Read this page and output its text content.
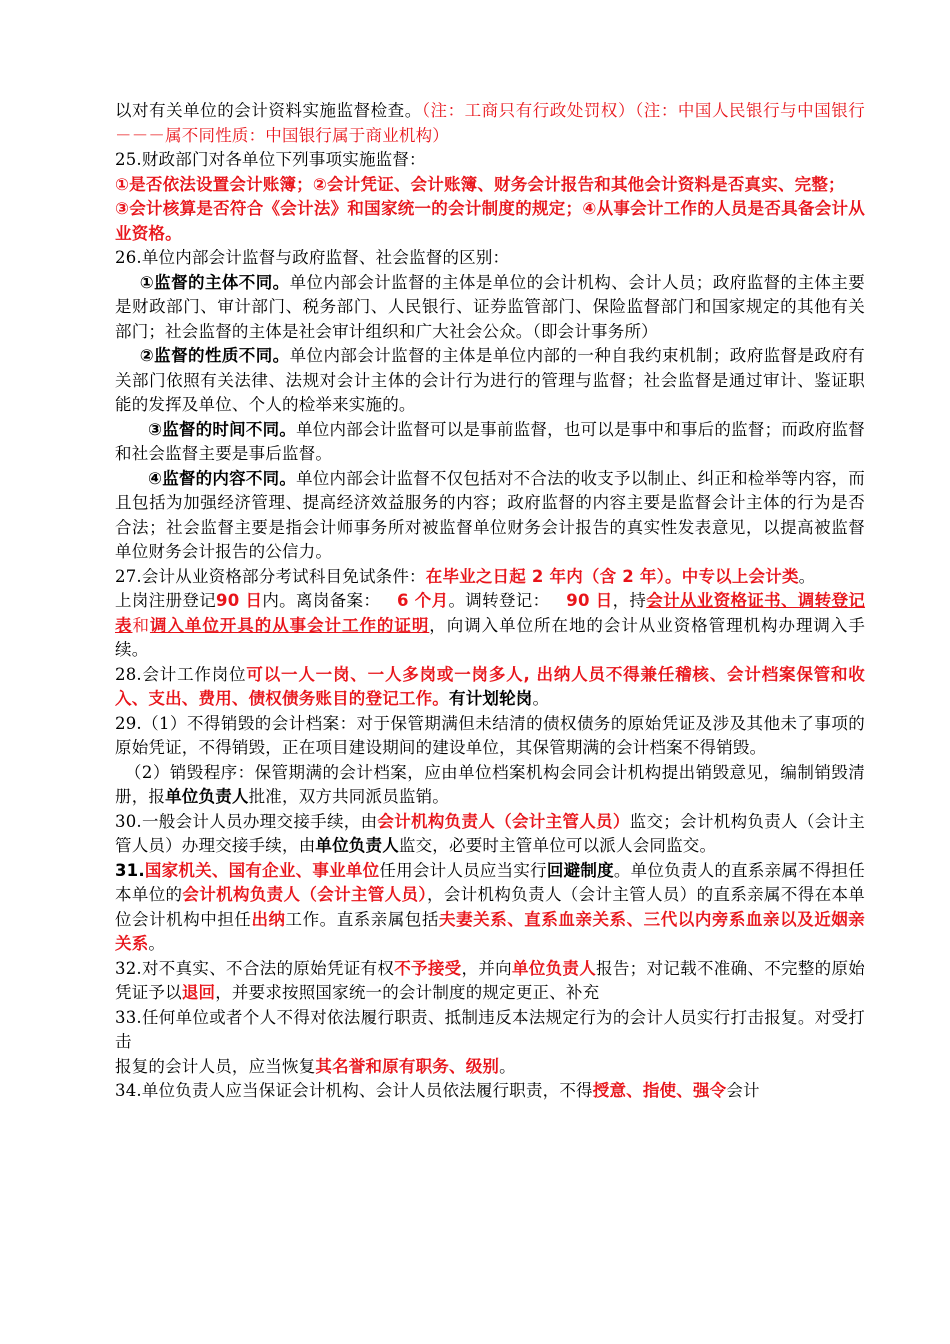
以对有关单位的会计资料实施监督检查。（注：工商只有行政处罚权）（注：中国人民银行与中国银行－－－属不同性质：中国银行属于商业机构）

25.财政部门对各单位下列事项实施监督：

①是否依法设置会计账簿；②会计凭证、会计账簿、财务会计报告和其他会计资料是否真实、完整；

③会计核算是否符合《会计法》和国家统一的会计制度的规定；④从事会计工作的人员是否具备会计从业资格。

26.单位内部会计监督与政府监督、社会监督的区别：

①监督的主体不同。单位内部会计监督的主体是单位的会计机构、会计人员；政府监督的主体主要是财政部门、审计部门、税务部门、人民银行、证券监管部门、保险监督部门和国家规定的其他有关部门；社会监督的主体是社会审计组织和广大社会公众。（即会计事务所）

②监督的性质不同。单位内部会计监督的主体是单位内部的一种自我约束机制；政府监督是政府有关部门依照有关法律、法规对会计主体的会计行为进行的管理与监督；社会监督是通过审计、鉴证职能的发挥及单位、个人的检举来实施的。

③监督的时间不同。单位内部会计监督可以是事前监督，也可以是事中和事后的监督；而政府监督和社会监督主要是事后监督。

④监督的内容不同。单位内部会计监督不仅包括对不合法的收支予以制止、纠正和检举等内容，而且包括为加强经济管理、提高经济效益服务的内容；政府监督的内容主要是监督会计主体的行为是否合法；社会监督主要是指会计师事务所对被监督单位财务会计报告的真实性发表意见，以提高被监督单位财务会计报告的公信力。

27.会计从业资格部分考试科目免试条件：在毕业之日起 2 年内（含 2 年）。中专以上会计类。

上岗注册登记90 日内。离岗备案： 6 个月。调转登记： 90 日，持会计从业资格证书、调转登记表和调入单位开具的从事会计工作的证明，向调入单位所在地的会计从业资格管理机构办理调入手续。

28.会计工作岗位可以一人一岗、一人多岗或一岗多人, 出纳人员不得兼任稽核、会计档案保管和收入、支出、费用、债权债务账目的登记工作。有计划轮岗。

29.（1）不得销毁的会计档案：对于保管期满但未结清的债权债务的原始凭证及涉及其他未了事项的原始凭证，不得销毁，正在项目建设期间的建设单位，其保管期满的会计档案不得销毁。

（2）销毁程序：保管期满的会计档案，应由单位档案机构会同会计机构提出销毁意见，编制销毁清册，报单位负责人批准，双方共同派员监销。

30.一般会计人员办理交接手续，由会计机构负责人（会计主管人员）监交；会计机构负责人（会计主管人员）办理交接手续，由单位负责人监交，必要时主管单位可以派人会同监交。

31.国家机关、国有企业、事业单位任用会计人员应当实行回避制度。单位负责人的直系亲属不得担任本单位的会计机构负责人（会计主管人员），会计机构负责人（会计主管人员）的直系亲属不得在本单位会计机构中担任出纳工作。直系亲属包括夫妻关系、直系血亲关系、三代以内旁系血亲以及近姻亲关系。

32.对不真实、不合法的原始凭证有权不予接受，并向单位负责人报告；对记载不准确、不完整的原始凭证予以退回，并要求按照国家统一的会计制度的规定更正、补充

33.任何单位或者个人不得对依法履行职责、抵制违反本法规定行为的会计人员实行打击报复。对受打击

报复的会计人员，应当恢复其名誉和原有职务、级别。

34.单位负责人应当保证会计机构、会计人员依法履行职责，不得授意、指使、强令会计
